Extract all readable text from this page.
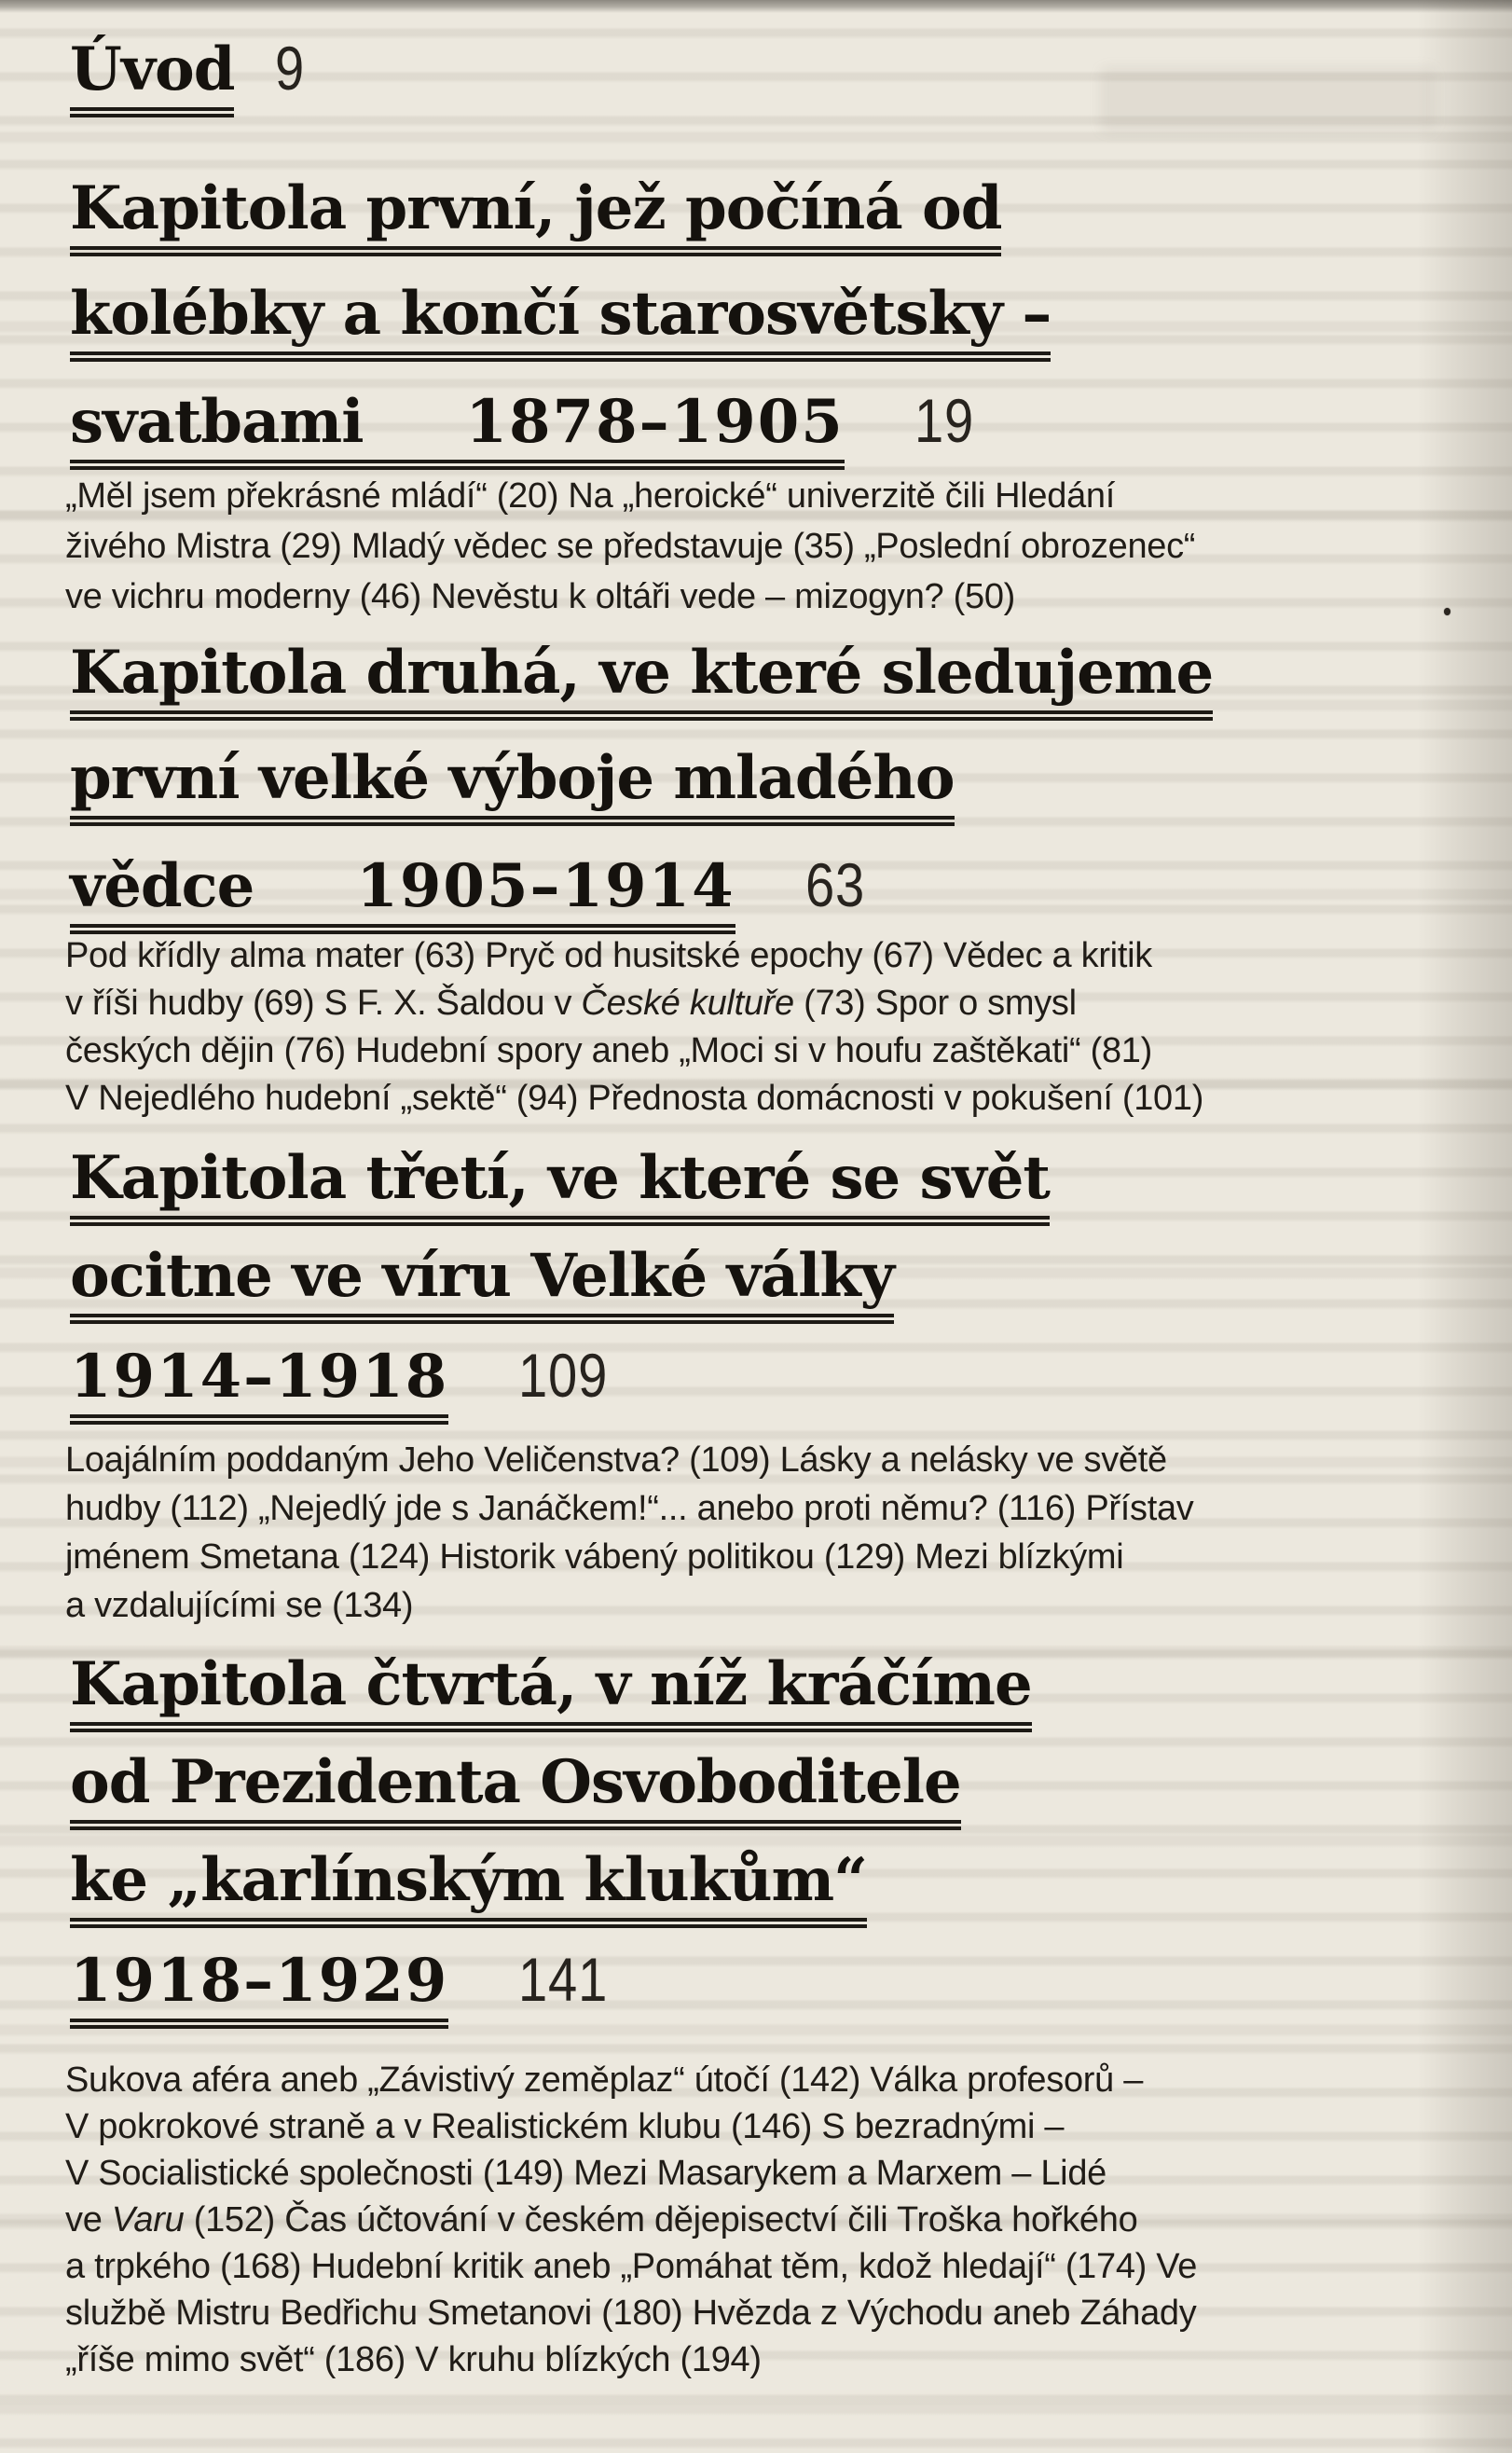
Úvod 9
Kapitola první, jež počíná od
kolébky a končí starosvětsky –
svatbami 1878–1905 19
„Měl jsem překrásné mládí“ (20) Na „heroické“ univerzitě čili Hledání
živého Mistra (29) Mladý vědec se představuje (35) „Poslední obrozenec“
ve vichru moderny (46) Nevěstu k oltáři vede – mizogyn? (50)
Kapitola druhá, ve které sledujeme
první velké výboje mladého
vědce 1905–1914 63
Pod křídly alma mater (63) Pryč od husitské epochy (67) Vědec a kritik
v říši hudby (69) S F. X. Šaldou v České kultuře (73) Spor o smysl
českých dějin (76) Hudební spory aneb „Moci si v houfu zaštěkati“ (81)
V Nejedlého hudební „sektě“ (94) Přednosta domácnosti v pokušení (101)
Kapitola třetí, ve které se svět
ocitne ve víru Velké války
1914–1918 109
Loajálním poddaným Jeho Veličenstva? (109) Lásky a nelásky ve světě
hudby (112) „Nejedlý jde s Janáčkem!“... anebo proti němu? (116) Přístav
jménem Smetana (124) Historik vábený politikou (129) Mezi blízkými
a vzdalujícími se (134)
Kapitola čtvrtá, v níž kráčíme
od Prezidenta Osvoboditele
ke „karlínským klukům“
1918–1929 141
Sukova aféra aneb „Závistivý zeměplaz“ útočí (142) Válka profesorů –
V pokrokové straně a v Realistickém klubu (146) S bezradnými –
V Socialistické společnosti (149) Mezi Masarykem a Marxem – Lidé
ve Varu (152) Čas účtování v českém dějepisectví čili Troška hořkého
a trpkého (168) Hudební kritik aneb „Pomáhat těm, kdož hledají“ (174) Ve
službě Mistru Bedřichu Smetanovi (180) Hvězda z Východu aneb Záhady
„říše mimo svět“ (186) V kruhu blízkých (194)
